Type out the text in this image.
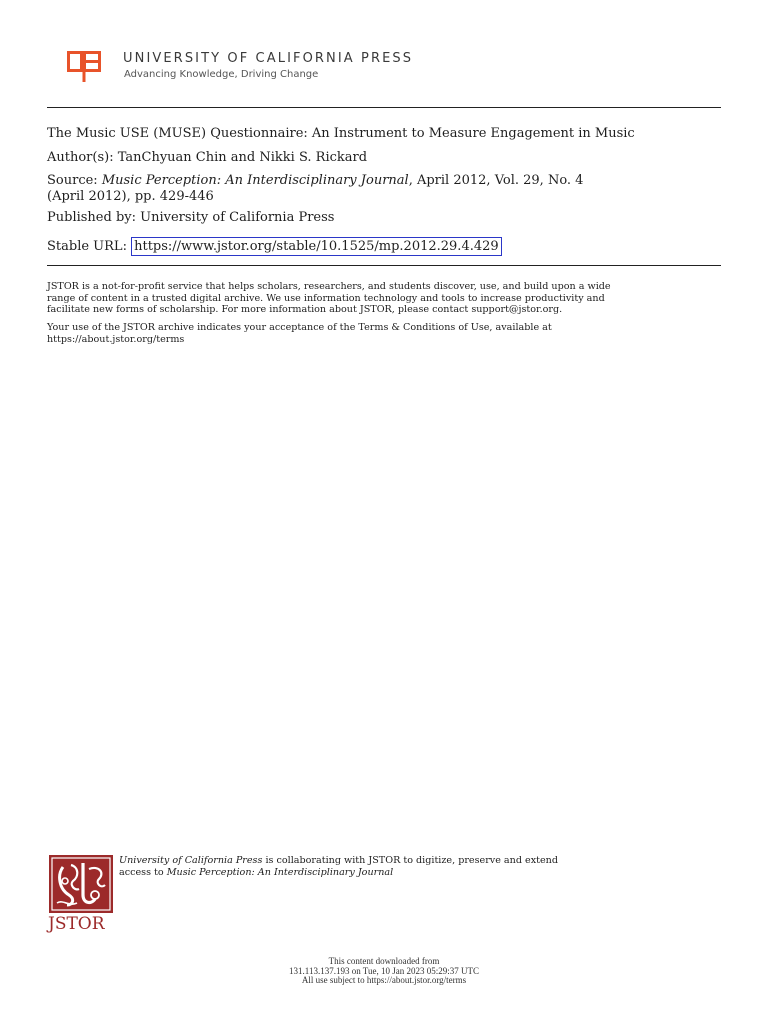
UNIVERSITY OF CALIFORNIA PRESS
Advancing Knowledge, Driving Change
The Music USE (MUSE) Questionnaire: An Instrument to Measure Engagement in Music
Author(s): TanChyuan Chin and Nikki S. Rickard
Source: Music Perception: An Interdisciplinary Journal, April 2012, Vol. 29, No. 4
(April 2012), pp. 429-446
Published by: University of California Press
Stable URL: https://www.jstor.org/stable/10.1525/mp.2012.29.4.429
JSTOR is a not-for-profit service that helps scholars, researchers, and students discover, use, and build upon a wide
range of content in a trusted digital archive. We use information technology and tools to increase productivity and
facilitate new forms of scholarship. For more information about JSTOR, please contact support@jstor.org.
Your use of the JSTOR archive indicates your acceptance of the Terms & Conditions of Use, available at
https://about.jstor.org/terms
JSTOR
University of California Press is collaborating with JSTOR to digitize, preserve and extend
access to Music Perception: An Interdisciplinary Journal
This content downloaded from
131.113.137.193 on Tue, 10 Jan 2023 05:29:37 UTC
All use subject to https://about.jstor.org/terms
